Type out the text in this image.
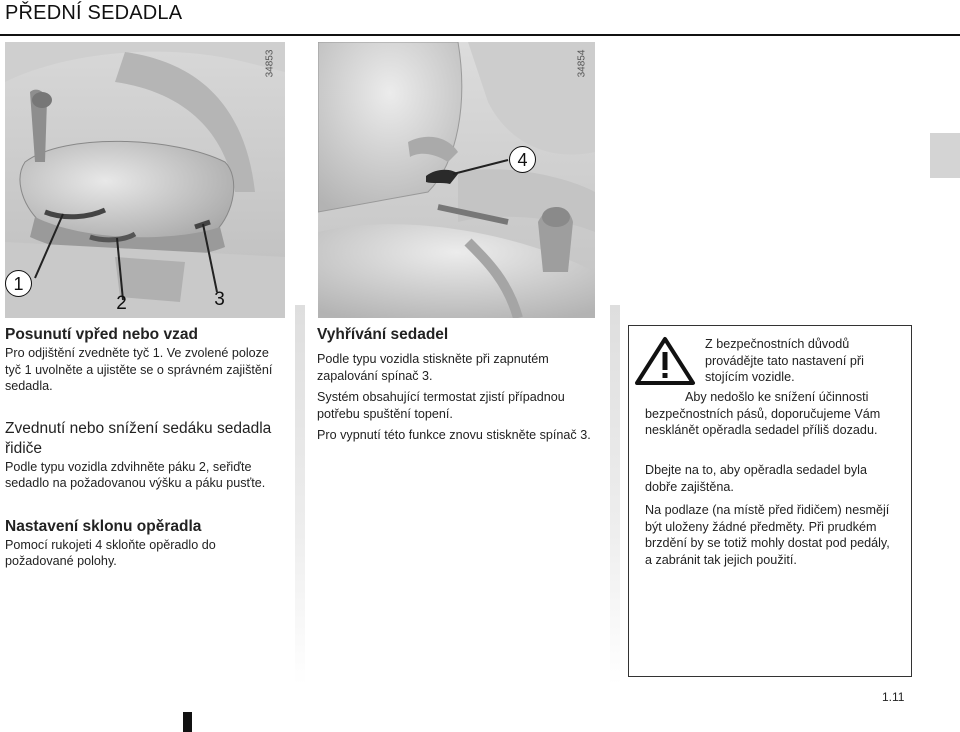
PŘEDNÍ SEDADLA
34853
1
2	3
34854
4
Posunutí vpřed nebo vzad

Pro odjištění zvedněte tyč 1. Ve zvolené poloze tyč 1 uvolněte a ujistěte se o správném zajištění sedadla.

Zvednutí nebo snížení sedáku sedadla řidiče

Podle typu vozidla zdvihněte páku 2, seřiďte sedadlo na požadovanou výšku a páku pusťte.

Nastavení sklonu opěradla

Pomocí rukojeti 4 skloňte opěradlo do požadované polohy.

Vyhřívání sedadel

Podle typu vozidla stiskněte při zapnutém zapalování spínač 3.

Systém obsahující termostat zjistí případnou potřebu spuštění topení.

Pro vypnutí této funkce znovu stiskněte spínač 3.

Z bezpečnostních důvodů provádějte tato nastavení při stojícím vozidle.

Aby nedošlo ke snížení účinnosti bezpečnostních pásů, doporučujeme Vám nesklánět opěradla sedadel příliš dozadu.

Dbejte na to, aby opěradla sedadel byla dobře zajištěna.

Na podlaze (na místě před řidičem) nesmějí být uloženy žádné předměty. Při prudkém brzdění by se totiž mohly dostat pod pedály, a zabránit tak jejich použití.

1.11
